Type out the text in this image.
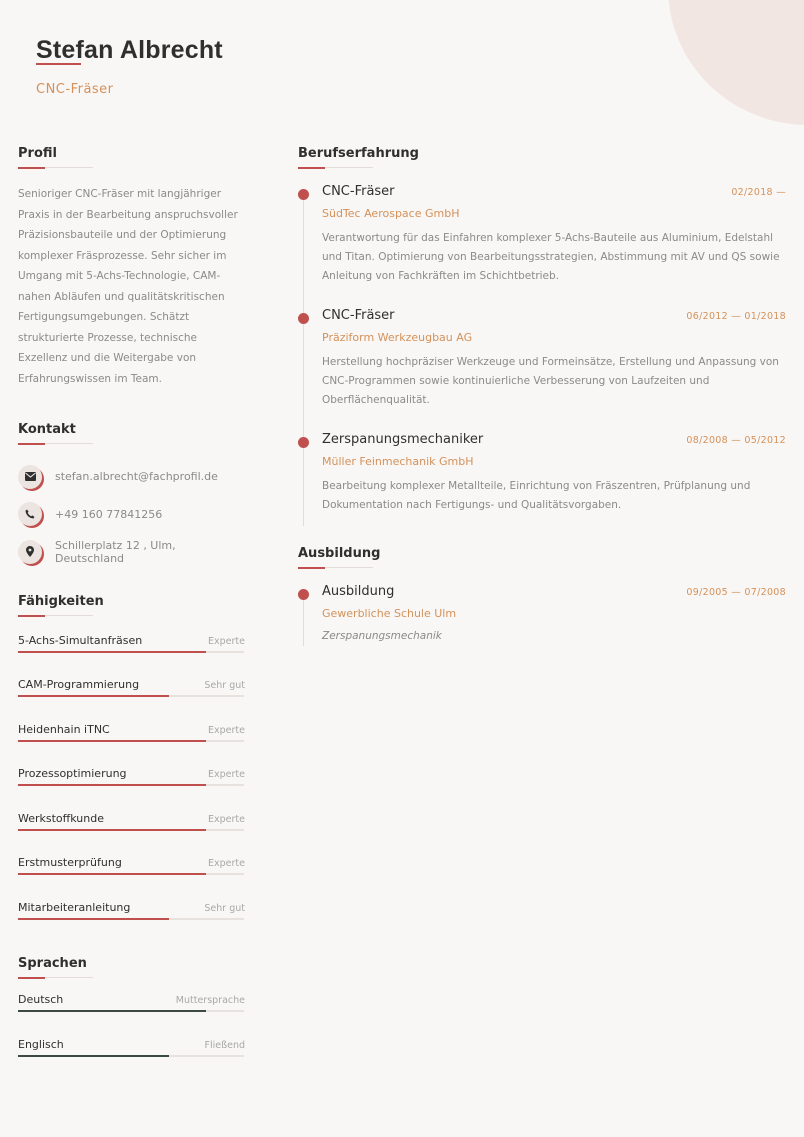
Stefan Albrecht
CNC-Fräser
Profil
Senioriger CNC-Fräser mit langjähriger Praxis in der Bearbeitung anspruchsvoller Präzisionsbauteile und der Optimierung komplexer Fräsprozesse. Sehr sicher im Umgang mit 5-Achs-Technologie, CAM-nahen Abläufen und qualitätskritischen Fertigungsumgebungen. Schätzt strukturierte Prozesse, technische Exzellenz und die Weitergabe von Erfahrungswissen im Team.
Kontakt
stefan.albrecht@fachprofil.de
+49 160 77841256
Schillerplatz 12 , Ulm, Deutschland
Fähigkeiten
5-Achs-Simultanfräsen	Experte
CAM-Programmierung	Sehr gut
Heidenhain iTNC	Experte
Prozessoptimierung	Experte
Werkstoffkunde	Experte
Erstmusterprüfung	Experte
Mitarbeiteranleitung	Sehr gut
Sprachen
Deutsch	Muttersprache
Englisch	Fließend
Berufserfahrung
CNC-Fräser	02/2018 —
SüdTec Aerospace GmbH
Verantwortung für das Einfahren komplexer 5-Achs-Bauteile aus Aluminium, Edelstahl und Titan. Optimierung von Bearbeitungsstrategien, Abstimmung mit AV und QS sowie Anleitung von Fachkräften im Schichtbetrieb.
CNC-Fräser	06/2012 — 01/2018
Präziform Werkzeugbau AG
Herstellung hochpräziser Werkzeuge und Formeinsätze, Erstellung und Anpassung von CNC-Programmen sowie kontinuierliche Verbesserung von Laufzeiten und Oberflächenqualität.
Zerspanungsmechaniker	08/2008 — 05/2012
Müller Feinmechanik GmbH
Bearbeitung komplexer Metallteile, Einrichtung von Fräszentren, Prüfplanung und Dokumentation nach Fertigungs- und Qualitätsvorgaben.
Ausbildung
Ausbildung	09/2005 — 07/2008
Gewerbliche Schule Ulm
Zerspanungsmechanik
